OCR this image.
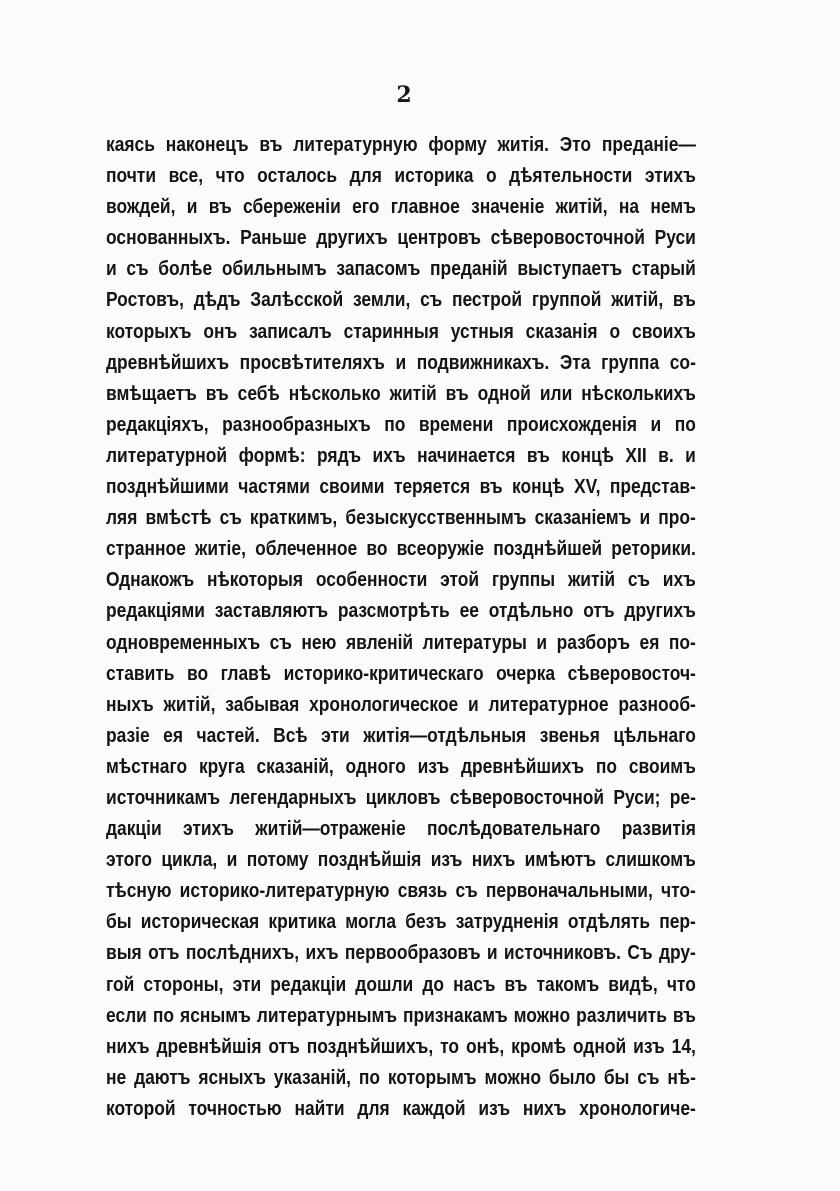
2
каясь наконецъ въ литературную форму житія. Это преданіе—
почти все, что осталось для историка о дѣятельности этихъ
вождей, и въ сбереженіи его главное значеніе житій, на немъ
основанныхъ. Раньше другихъ центровъ сѣверовосточной Руси
и съ болѣе обильнымъ запасомъ преданій выступаетъ старый
Ростовъ, дѣдъ Залѣсской земли, съ пестрой группой житій, въ
которыхъ онъ записалъ старинныя устныя сказанія о своихъ
древнѣйшихъ просвѣтителяхъ и подвижникахъ. Эта группа со-
вмѣщаетъ въ себѣ нѣсколько житій въ одной или нѣсколькихъ
редакціяхъ, разнообразныхъ по времени происхожденія и по
литературной формѣ: рядъ ихъ начинается въ концѣ XII в. и
позднѣйшими частями своими теряется въ концѣ XV, представ-
ляя вмѣстѣ съ краткимъ, безыскусственнымъ сказаніемъ и про-
странное житіе, облеченное во всеоружіе позднѣйшей реторики.
Однакожъ нѣкоторыя особенности этой группы житій съ ихъ
редакціями заставляютъ разсмотрѣть ее отдѣльно отъ другихъ
одновременныхъ съ нею явленій литературы и разборъ ея по-
ставить во главѣ историко-критическаго очерка сѣверовосточ-
ныхъ житій, забывая хронологическое и литературное разнооб-
разіе ея частей. Всѣ эти житія—отдѣльныя звенья цѣльнаго
мѣстнаго круга сказаній, одного изъ древнѣйшихъ по своимъ
источникамъ легендарныхъ цикловъ сѣверовосточной Руси; ре-
дакціи этихъ житій—отраженіе послѣдовательнаго развитія
этого цикла, и потому позднѣйшія изъ нихъ имѣютъ слишкомъ
тѣсную историко-литературную связь съ первоначальными, что-
бы историческая критика могла безъ затрудненія отдѣлять пер-
выя отъ послѣднихъ, ихъ первообразовъ и источниковъ. Съ дру-
гой стороны, эти редакціи дошли до насъ въ такомъ видѣ, что
если по яснымъ литературнымъ признакамъ можно различить въ
нихъ древнѣйшія отъ позднѣйшихъ, то онѣ, кромѣ одной изъ 14,
не даютъ ясныхъ указаній, по которымъ можно было бы съ нѣ-
которой точностью найти для каждой изъ нихъ хронологиче-
